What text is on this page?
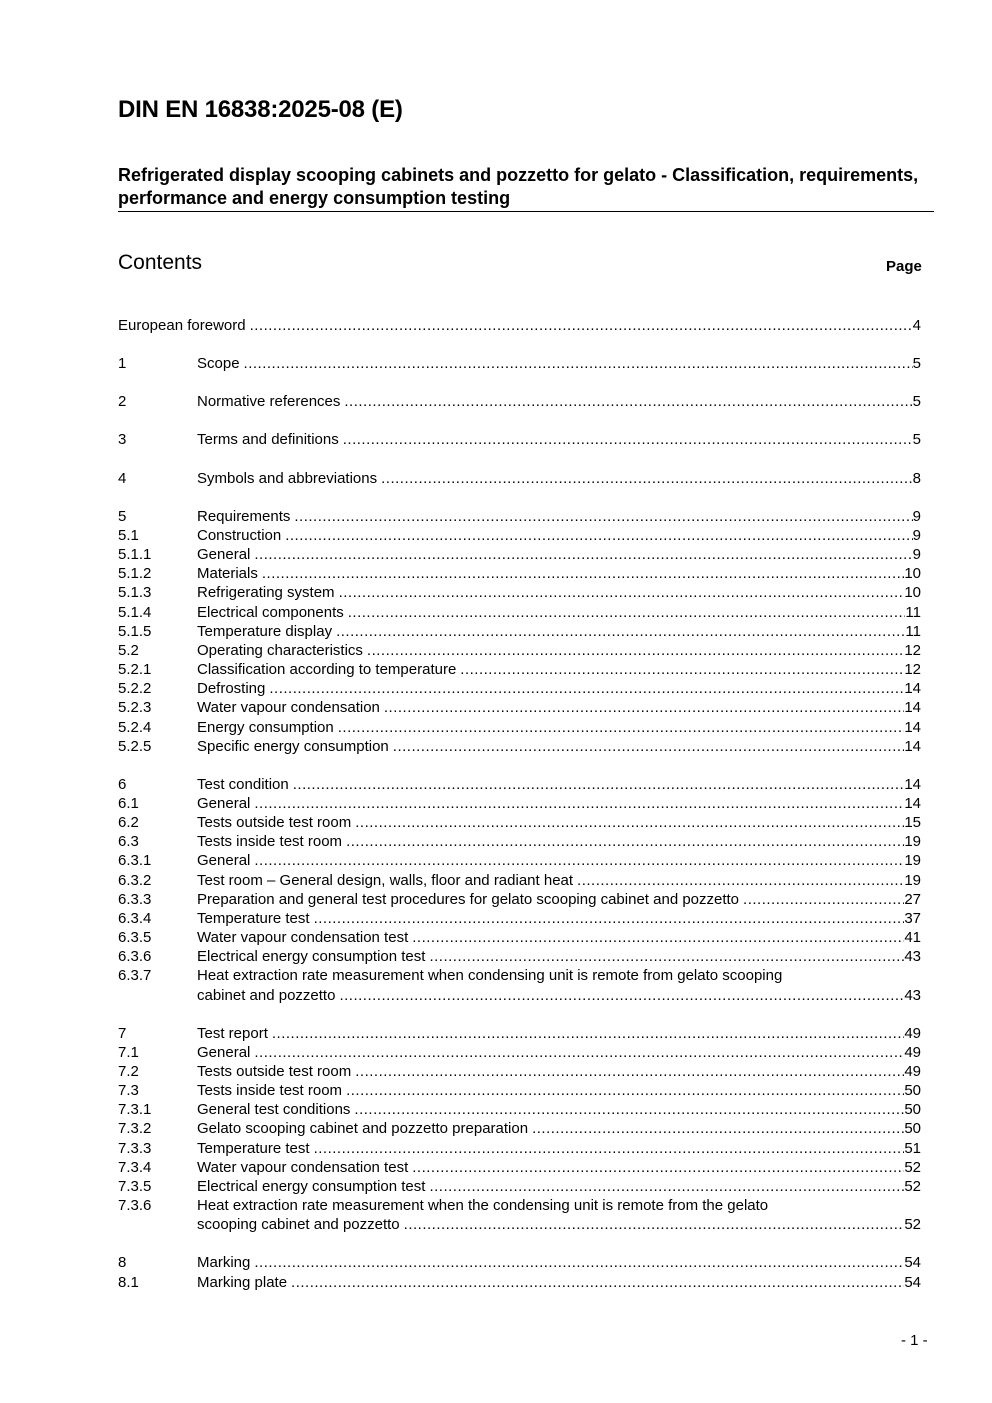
DIN EN 16838:2025-08 (E)
Refrigerated display scooping cabinets and pozzetto for gelato - Classification, requirements, performance and energy consumption testing
Contents	Page
European foreword .....	4
1	Scope .....	5
2	Normative references .....	5
3	Terms and definitions .....	5
4	Symbols and abbreviations .....	8
5	Requirements .....	9
5.1	Construction .....	9
5.1.1	General .....	9
5.1.2	Materials .....	10
5.1.3	Refrigerating system .....	10
5.1.4	Electrical components .....	11
5.1.5	Temperature display .....	11
5.2	Operating characteristics .....	12
5.2.1	Classification according to temperature .....	12
5.2.2	Defrosting .....	14
5.2.3	Water vapour condensation .....	14
5.2.4	Energy consumption .....	14
5.2.5	Specific energy consumption .....	14
6	Test condition .....	14
6.1	General .....	14
6.2	Tests outside test room .....	15
6.3	Tests inside test room .....	19
6.3.1	General .....	19
6.3.2	Test room – General design, walls, floor and radiant heat .....	19
6.3.3	Preparation and general test procedures for gelato scooping cabinet and pozzetto .....	27
6.3.4	Temperature test .....	37
6.3.5	Water vapour condensation test .....	41
6.3.6	Electrical energy consumption test .....	43
6.3.7	Heat extraction rate measurement when condensing unit is remote from gelato scooping
cabinet and pozzetto .....	43
7	Test report .....	49
7.1	General .....	49
7.2	Tests outside test room .....	49
7.3	Tests inside test room .....	50
7.3.1	General test conditions .....	50
7.3.2	Gelato scooping cabinet and pozzetto preparation .....	50
7.3.3	Temperature test .....	51
7.3.4	Water vapour condensation test .....	52
7.3.5	Electrical energy consumption test .....	52
7.3.6	Heat extraction rate measurement when the condensing unit is remote from the gelato
scooping cabinet and pozzetto .....	52
8	Marking .....	54
8.1	Marking plate .....	54
- 1 -
